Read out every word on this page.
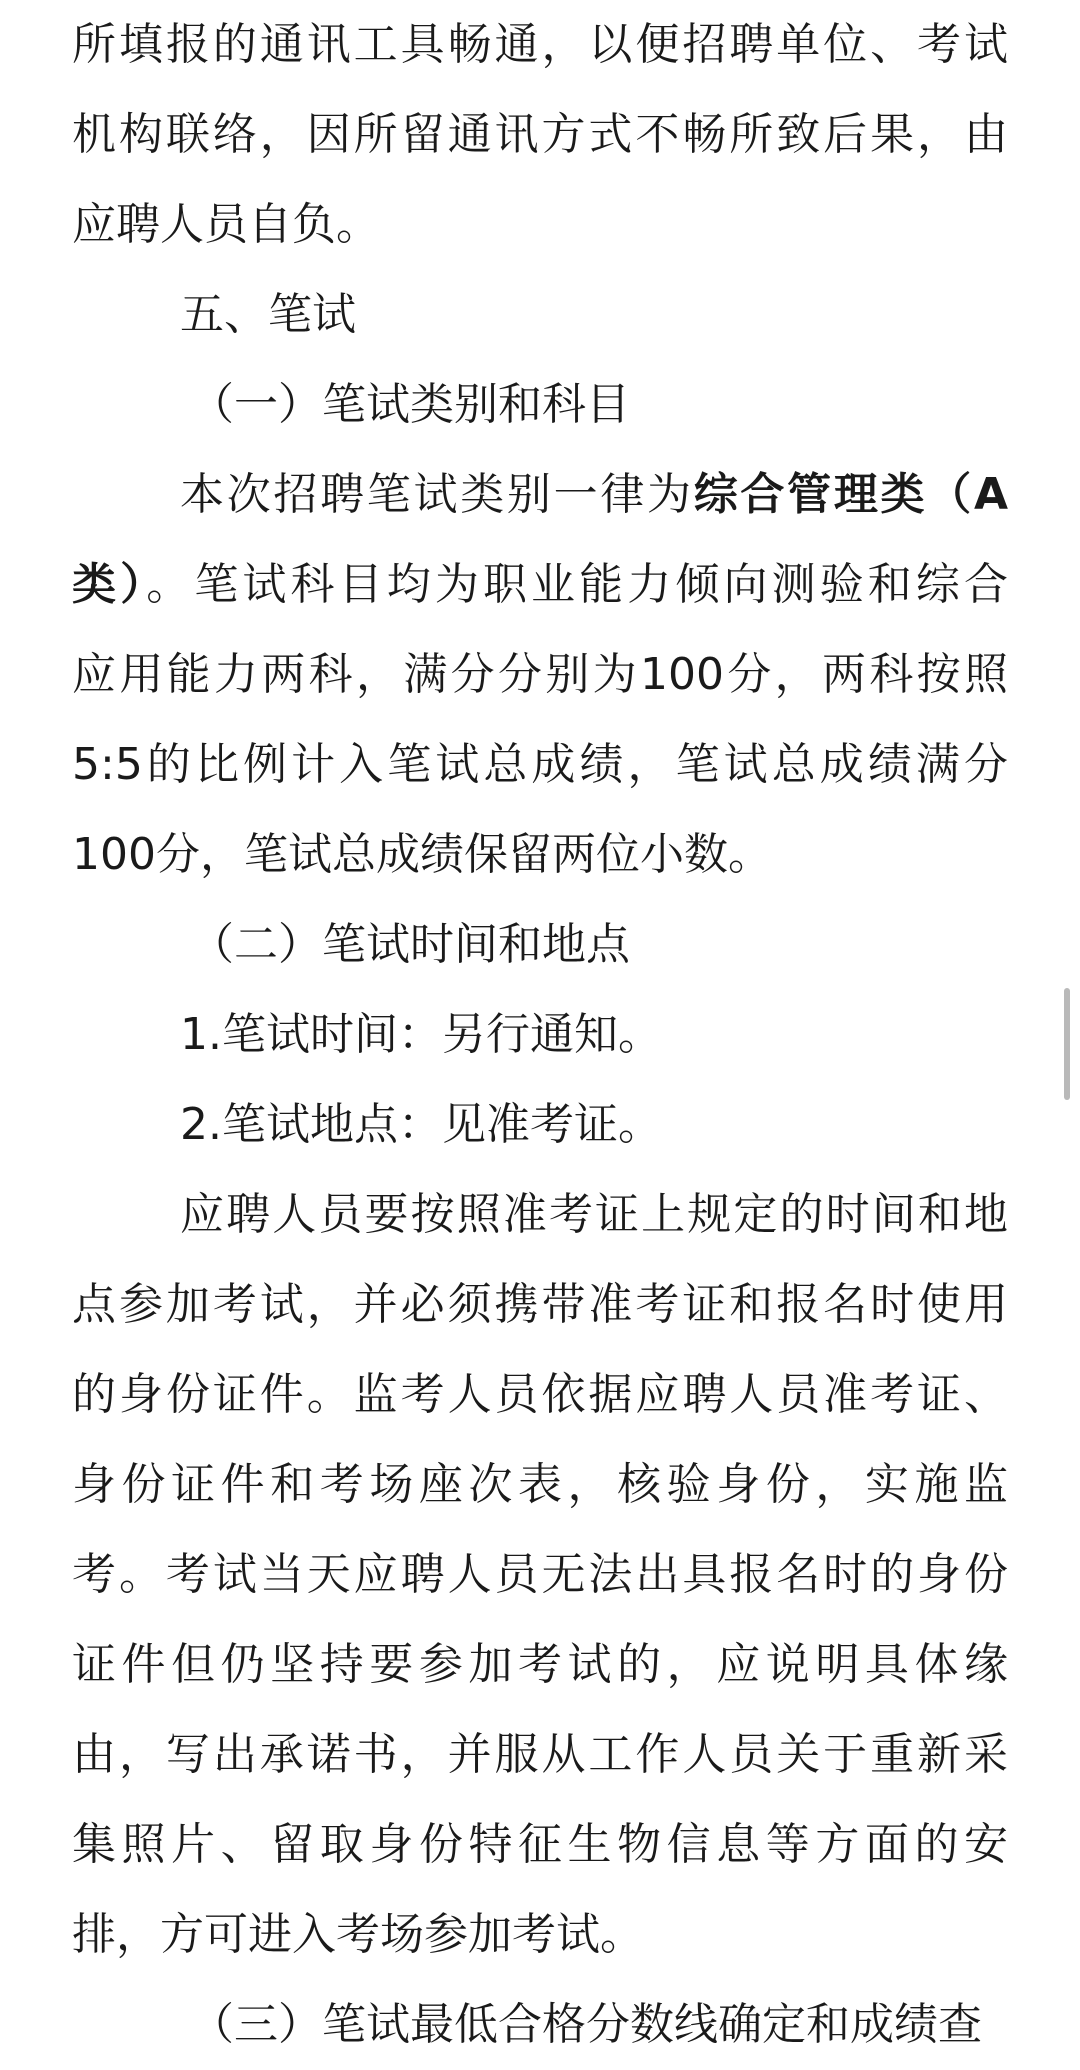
所填报的通讯工具畅通，以便招聘单位、考试
机构联络，因所留通讯方式不畅所致后果，由
应聘人员自负。
五、笔试
（一）笔试类别和科目
本次招聘笔试类别一律为综合管理类（A
类）。笔试科目均为职业能力倾向测验和综合
应用能力两科，满分分别为100分，两科按照
5:5的比例计入笔试总成绩，笔试总成绩满分
100分，笔试总成绩保留两位小数。
（二）笔试时间和地点
1.笔试时间：另行通知。
2.笔试地点：见准考证。
应聘人员要按照准考证上规定的时间和地
点参加考试，并必须携带准考证和报名时使用
的身份证件。监考人员依据应聘人员准考证、
身份证件和考场座次表，核验身份，实施监
考。考试当天应聘人员无法出具报名时的身份
证件但仍坚持要参加考试的，应说明具体缘
由，写出承诺书，并服从工作人员关于重新采
集照片、留取身份特征生物信息等方面的安
排，方可进入考场参加考试。
（三）笔试最低合格分数线确定和成绩查
